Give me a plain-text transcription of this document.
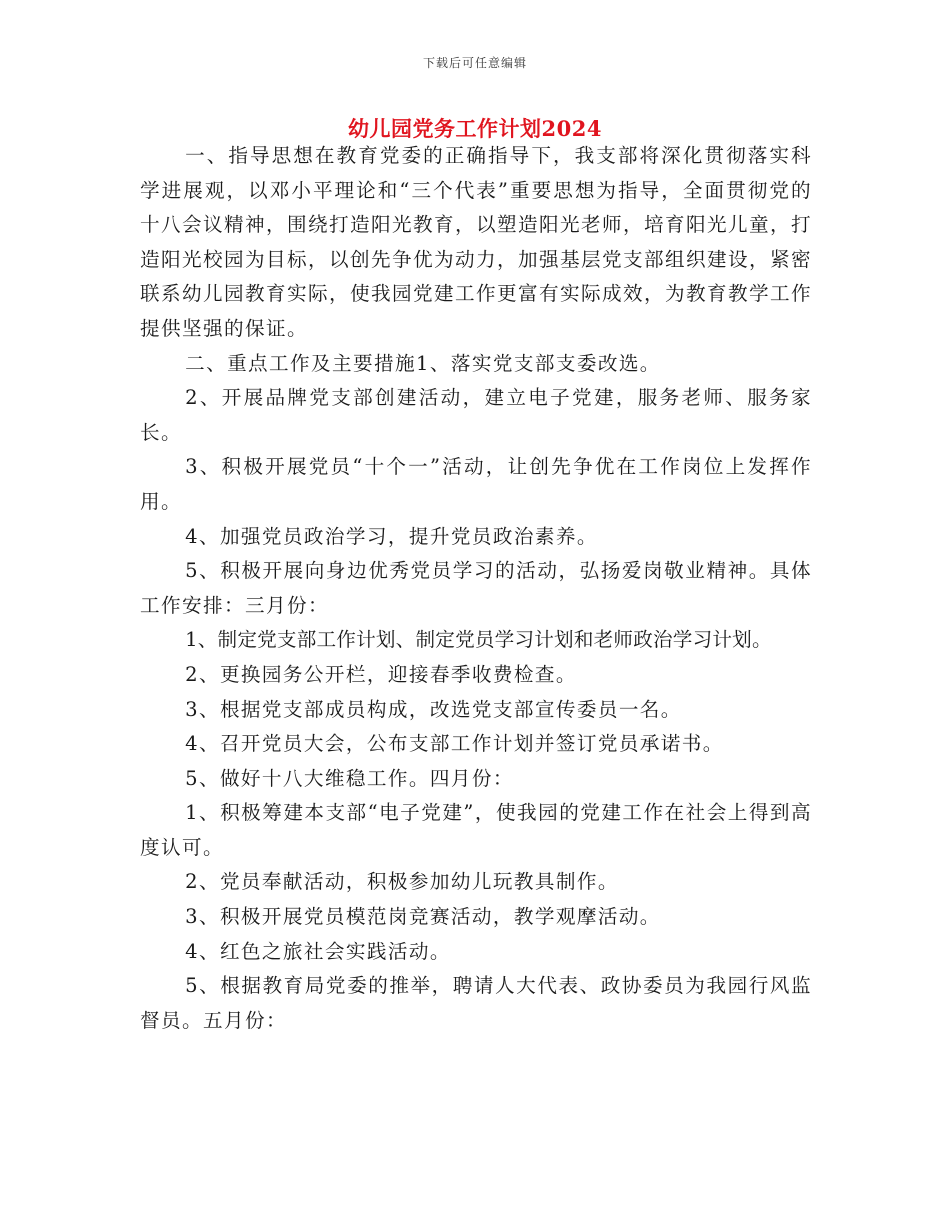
下载后可任意编辑
幼儿园党务工作计划2024

一、指导思想在教育党委的正确指导下，我支部将深化贯彻落实科学进展观，以邓小平理论和“三个代表”重要思想为指导，全面贯彻党的十八会议精神，围绕打造阳光教育，以塑造阳光老师，培育阳光儿童，打造阳光校园为目标，以创先争优为动力，加强基层党支部组织建设，紧密联系幼儿园教育实际，使我园党建工作更富有实际成效，为教育教学工作提供坚强的保证。

二、重点工作及主要措施1、落实党支部支委改选。

2、开展品牌党支部创建活动，建立电子党建，服务老师、服务家长。

3、积极开展党员“十个一”活动，让创先争优在工作岗位上发挥作用。

4、加强党员政治学习，提升党员政治素养。

5、积极开展向身边优秀党员学习的活动，弘扬爱岗敬业精神。具体工作安排：三月份：

1、制定党支部工作计划、制定党员学习计划和老师政治学习计划。

2、更换园务公开栏，迎接春季收费检查。

3、根据党支部成员构成，改选党支部宣传委员一名。

4、召开党员大会，公布支部工作计划并签订党员承诺书。

5、做好十八大维稳工作。四月份：

1、积极筹建本支部“电子党建”，使我园的党建工作在社会上得到高度认可。

2、党员奉献活动，积极参加幼儿玩教具制作。

3、积极开展党员模范岗竞赛活动，教学观摩活动。

4、红色之旅社会实践活动。

5、根据教育局党委的推举，聘请人大代表、政协委员为我园行风监督员。五月份：
